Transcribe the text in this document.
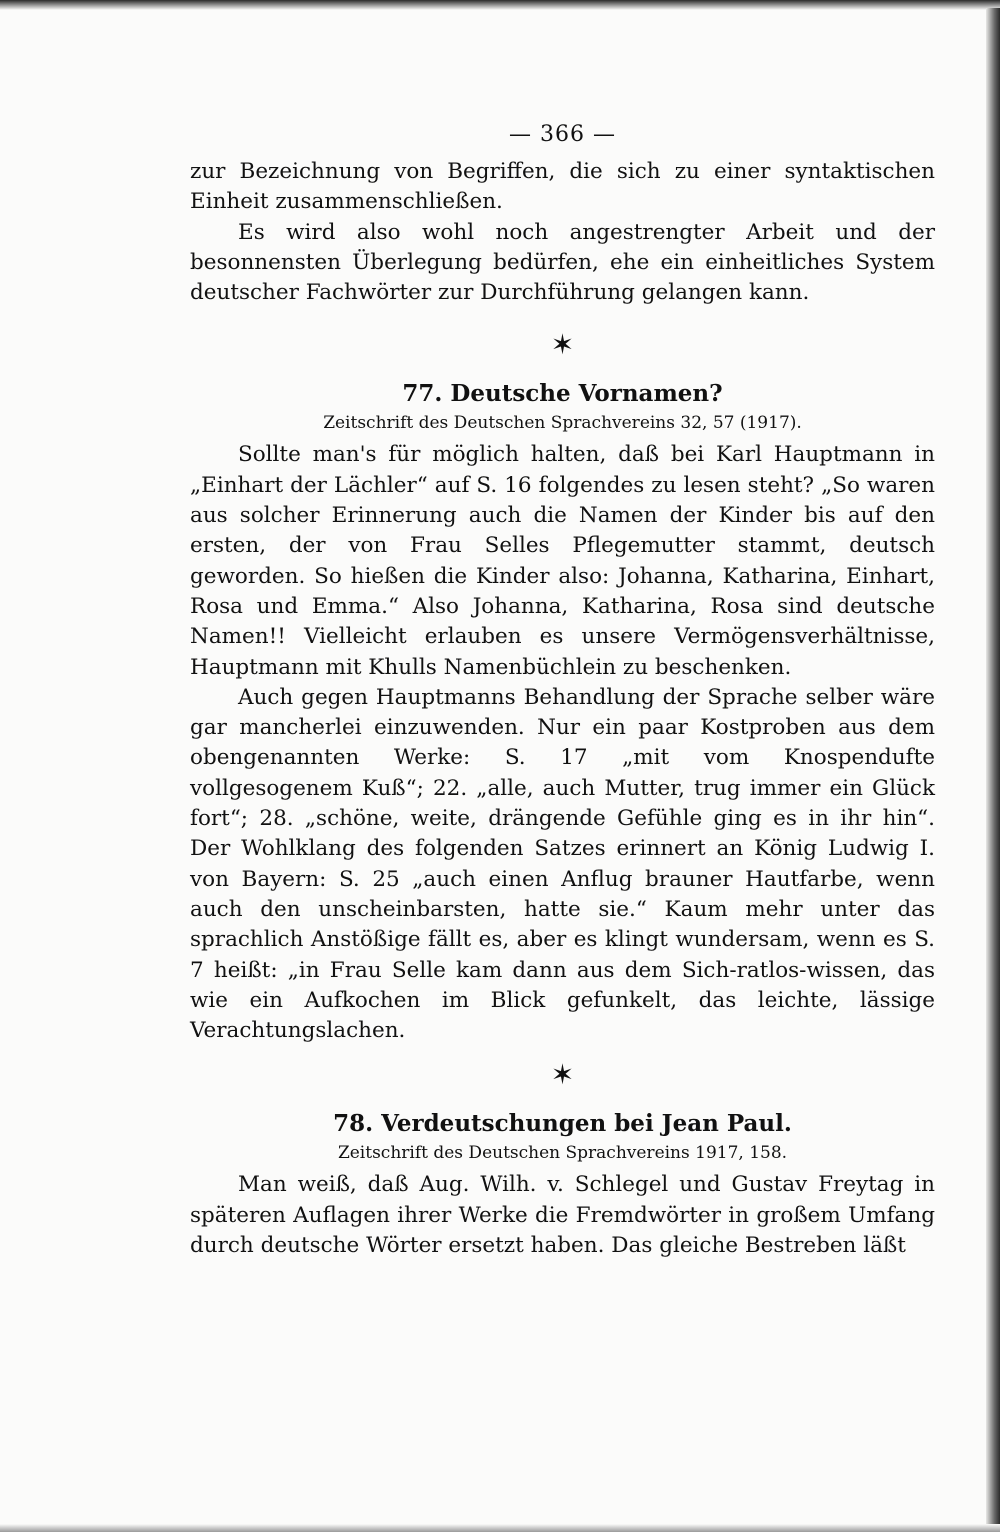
— 366 —

zur Bezeichnung von Begriffen, die sich zu einer syntaktischen Einheit zusammenschließen.

Es wird also wohl noch angestrengter Arbeit und der besonnensten Überlegung bedürfen, ehe ein einheitliches System deutscher Fachwörter zur Durchführung gelangen kann.

✶
77. Deutsche Vornamen?
Zeitschrift des Deutschen Sprachvereins 32, 57 (1917).

Sollte man's für möglich halten, daß bei Karl Hauptmann in „Einhart der Lächler“ auf S. 16 folgendes zu lesen steht? „So waren aus solcher Erinnerung auch die Namen der Kinder bis auf den ersten, der von Frau Selles Pflegemutter stammt, deutsch geworden. So hießen die Kinder also: Johanna, Katharina, Einhart, Rosa und Emma.“ Also Johanna, Katharina, Rosa sind deutsche Namen!! Vielleicht erlauben es unsere Vermögensverhältnisse, Hauptmann mit Khulls Namenbüchlein zu beschenken.

Auch gegen Hauptmanns Behandlung der Sprache selber wäre gar mancherlei einzuwenden. Nur ein paar Kostproben aus dem obengenannten Werke: S. 17 „mit vom Knospendufte vollgesogenem Kuß“; 22. „alle, auch Mutter, trug immer ein Glück fort“; 28. „schöne, weite, drängende Gefühle ging es in ihr hin“. Der Wohlklang des folgenden Satzes erinnert an König Ludwig I. von Bayern: S. 25 „auch einen Anflug brauner Hautfarbe, wenn auch den unscheinbarsten, hatte sie.“ Kaum mehr unter das sprachlich Anstößige fällt es, aber es klingt wundersam, wenn es S. 7 heißt: „in Frau Selle kam dann aus dem Sich-ratlos-wissen, das wie ein Aufkochen im Blick gefunkelt, das leichte, lässige Verachtungslachen.

✶
78. Verdeutschungen bei Jean Paul.
Zeitschrift des Deutschen Sprachvereins 1917, 158.

Man weiß, daß Aug. Wilh. v. Schlegel und Gustav Freytag in späteren Auflagen ihrer Werke die Fremdwörter in großem Umfang durch deutsche Wörter ersetzt haben. Das gleiche Bestreben läßt
